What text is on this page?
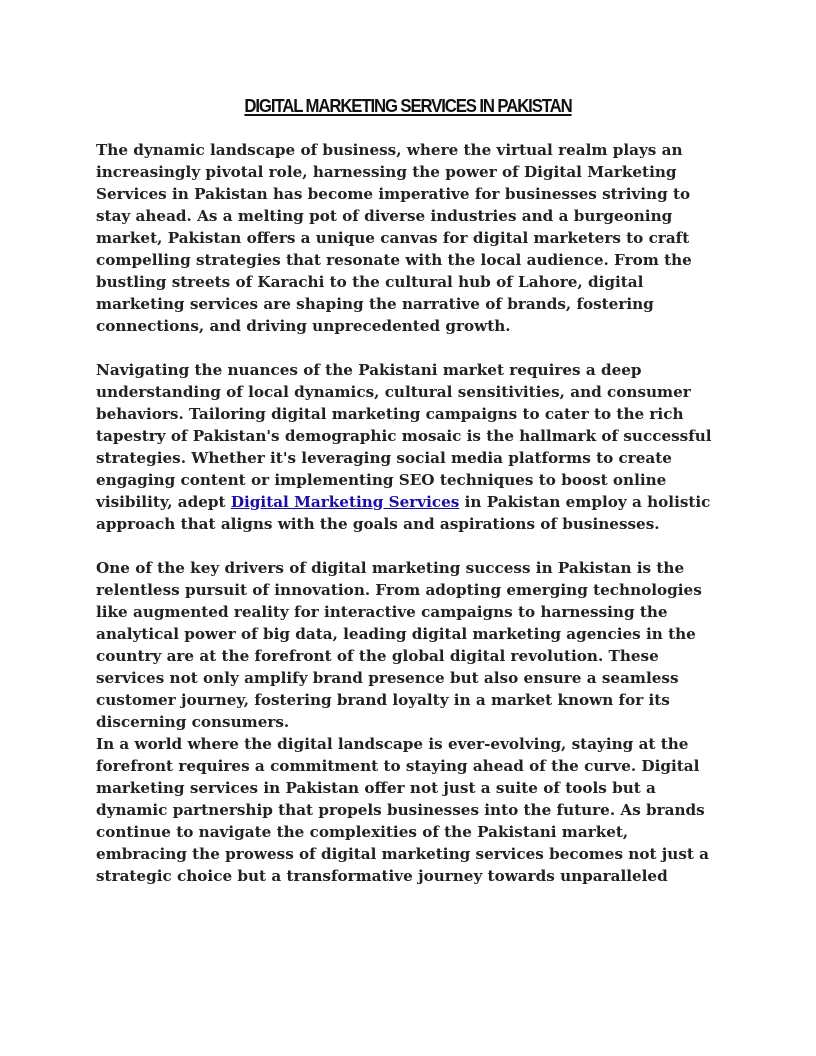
DIGITAL MARKETING SERVICES IN PAKISTAN

The dynamic landscape of business, where the virtual realm plays an increasingly pivotal role, harnessing the power of Digital Marketing Services in Pakistan has become imperative for businesses striving to stay ahead. As a melting pot of diverse industries and a burgeoning market, Pakistan offers a unique canvas for digital marketers to craft compelling strategies that resonate with the local audience. From the bustling streets of Karachi to the cultural hub of Lahore, digital marketing services are shaping the narrative of brands, fostering connections, and driving unprecedented growth.

Navigating the nuances of the Pakistani market requires a deep understanding of local dynamics, cultural sensitivities, and consumer behaviors. Tailoring digital marketing campaigns to cater to the rich tapestry of Pakistan's demographic mosaic is the hallmark of successful strategies. Whether it's leveraging social media platforms to create engaging content or implementing SEO techniques to boost online visibility, adept Digital Marketing Services in Pakistan employ a holistic approach that aligns with the goals and aspirations of businesses.

One of the key drivers of digital marketing success in Pakistan is the relentless pursuit of innovation. From adopting emerging technologies like augmented reality for interactive campaigns to harnessing the analytical power of big data, leading digital marketing agencies in the country are at the forefront of the global digital revolution. These services not only amplify brand presence but also ensure a seamless customer journey, fostering brand loyalty in a market known for its discerning consumers.

In a world where the digital landscape is ever-evolving, staying at the forefront requires a commitment to staying ahead of the curve. Digital marketing services in Pakistan offer not just a suite of tools but a dynamic partnership that propels businesses into the future. As brands continue to navigate the complexities of the Pakistani market, embracing the prowess of digital marketing services becomes not just a strategic choice but a transformative journey towards unparalleled
